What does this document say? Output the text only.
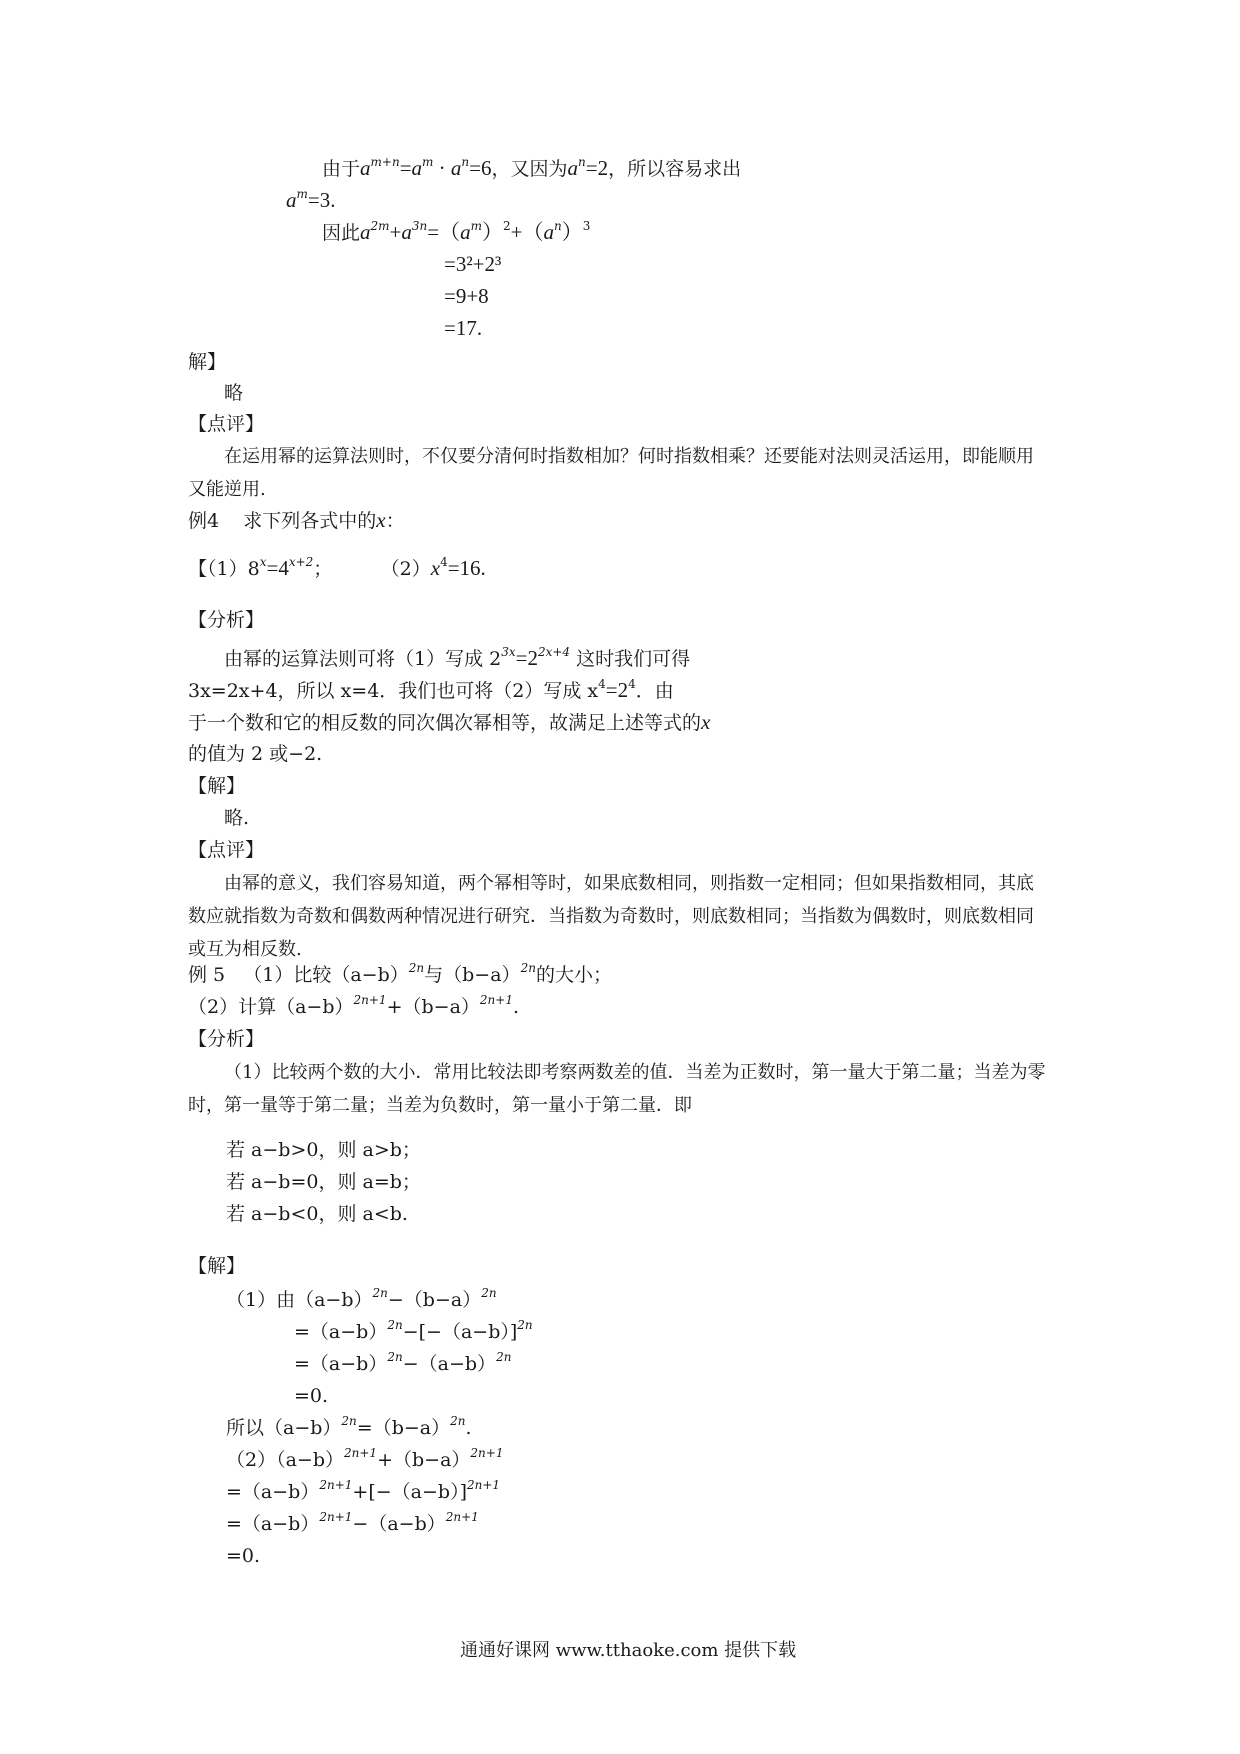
由于$a^{m+n}=a^m \cdot a^n=6$，又因为$a^n=2$，所以容易求出
$a^m=3$.
因此$a^{2m}+a^{3n}=(a^m)^2+(a^n)^3$
=3²+2³
=9+8
=17.
解】
略
【点评】
在运用幂的运算法则时，不仅要分清何时指数相加？何时指数相乘？还要能对法则灵活运用，即能顺用又能逆用.
例4 求下列各式中的x：
【$(1)8^x=4^{x+2}$；	$(2)x^4=16$.
【分析】
由幂的运算法则可将（1）写成 $2^{3x}=2^{2x+4}$ 这时我们可得
3x=2x+4，所以 x=4．我们也可将（2）写成 $x^4=2^4$．由
于一个数和它的相反数的同次偶次幂相等，故满足上述等式的x
的值为 2 或−2.
【解】
略.
【点评】
由幂的意义，我们容易知道，两个幂相等时，如果底数相同，则指数一定相同；但如果指数相同，其底数应就指数为奇数和偶数两种情况进行研究．当指数为奇数时，则底数相同；当指数为偶数时，则底数相同或互为相反数.
例 5 （1）比较$(a-b)^{2n}$与$(b-a)^{2n}$的大小；
（2）计算$(a-b)^{2n+1}+(b-a)^{2n+1}$.
【分析】
（1）比较两个数的大小．常用比较法即考察两数差的值．当差为正数时，第一量大于第二量；当差为零时，第一量等于第二量；当差为负数时，第一量小于第二量．即
若 a−b>0，则 a>b；
若 a−b=0，则 a=b；
若 a−b<0，则 a<b.
【解】
（1）由$(a-b)^{2n}-(b-a)^{2n}$
$=(a-b)^{2n}-[-(a-b)]^{2n}$
$=(a-b)^{2n}-(a-b)^{2n}$
=0.
所以$(a-b)^{2n}=(b-a)^{2n}$.
$(2)(a-b)^{2n+1}+(b-a)^{2n+1}$
$=(a-b)^{2n+1}+[-(a-b)]^{2n+1}$
$=(a-b)^{2n+1}-(a-b)^{2n+1}$
=0.
通通好课网 www.tthaoke.com 提供下载
